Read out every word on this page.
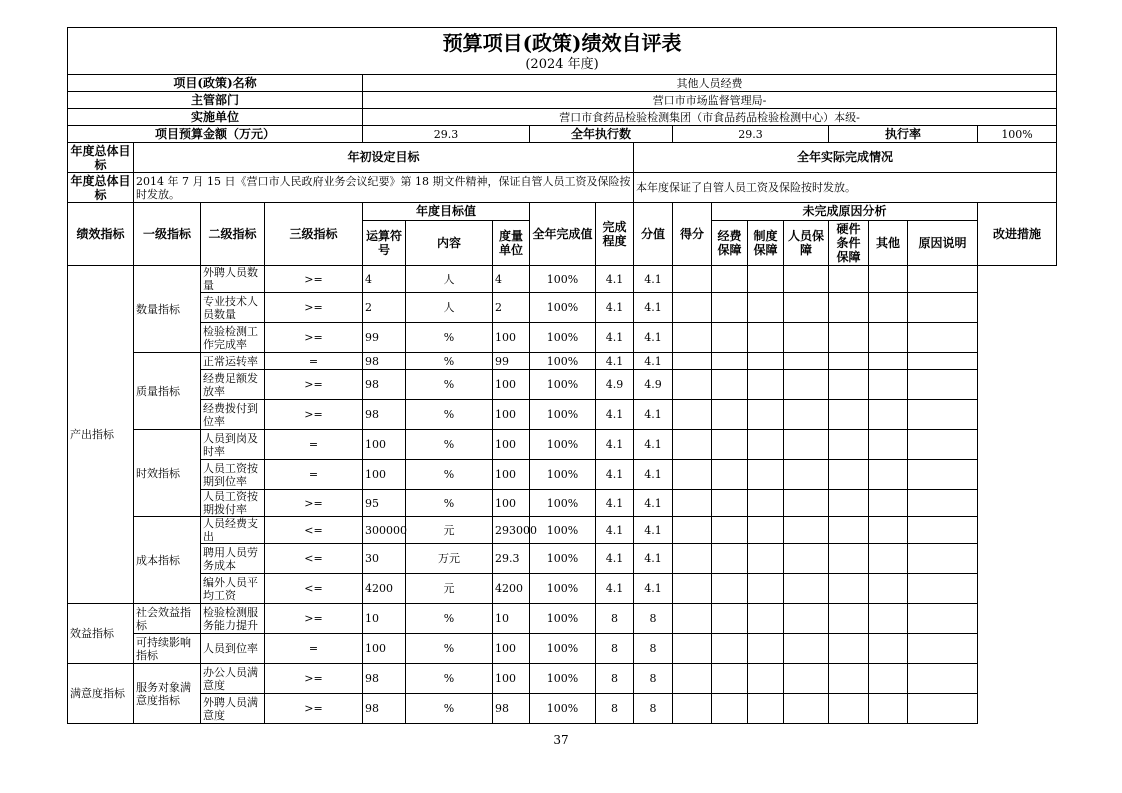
预算项目(政策)绩效自评表																	
(2024 年度)																	
项目(政策)名称				其他人员经费													
主管部门				营口市市场监督管理局-													
实施单位				营口市食药品检验检测集团（市食品药品检验检测中心）本级-													
项目预算金额（万元）				29.3			全年执行数			29.3				执行率			100%
年度总体目标	年初设定目标								全年实际完成情况								
年度总体目标	2014 年 7 月 15 日《营口市人民政府业务会议纪要》第 18 期文件精神，保证自管人员工资及保险按时发放。								本年度保证了自管人员工资及保险按时发放。								
绩效指标	一级指标	二级指标	三级指标	年度目标值			全年完成值	完成程度	分值	得分	未完成原因分析						改进措施
				运算符号	内容	度量单位					经费保障	制度保障	人员保障	硬件条件保障	其他	原因说明	
产出指标	数量指标	外聘人员数量	>=	4	人	4	100%	4.1	4.1								
		专业技术人员数量	>=	2	人	2	100%	4.1	4.1								
		检验检测工作完成率	>=	99	%	100	100%	4.1	4.1								
	质量指标	正常运转率	=	98	%	99	100%	4.1	4.1								
		经费足额发放率	>=	98	%	100	100%	4.9	4.9								
		经费拨付到位率	>=	98	%	100	100%	4.1	4.1								
	时效指标	人员到岗及时率	=	100	%	100	100%	4.1	4.1								
		人员工资按期到位率	=	100	%	100	100%	4.1	4.1								
		人员工资按期拨付率	>=	95	%	100	100%	4.1	4.1								
	成本指标	人员经费支出	<=	300000	元	293000	100%	4.1	4.1								
		聘用人员劳务成本	<=	30	万元	29.3	100%	4.1	4.1								
		编外人员平均工资	<=	4200	元	4200	100%	4.1	4.1								
效益指标	社会效益指标	检验检测服务能力提升	>=	10	%	10	100%	8	8								
	可持续影响指标	人员到位率	=	100	%	100	100%	8	8								
满意度指标	服务对象满意度指标	办公人员满意度	>=	98	%	100	100%	8	8								
		外聘人员满意度	>=	98	%	98	100%	8	8								
37
